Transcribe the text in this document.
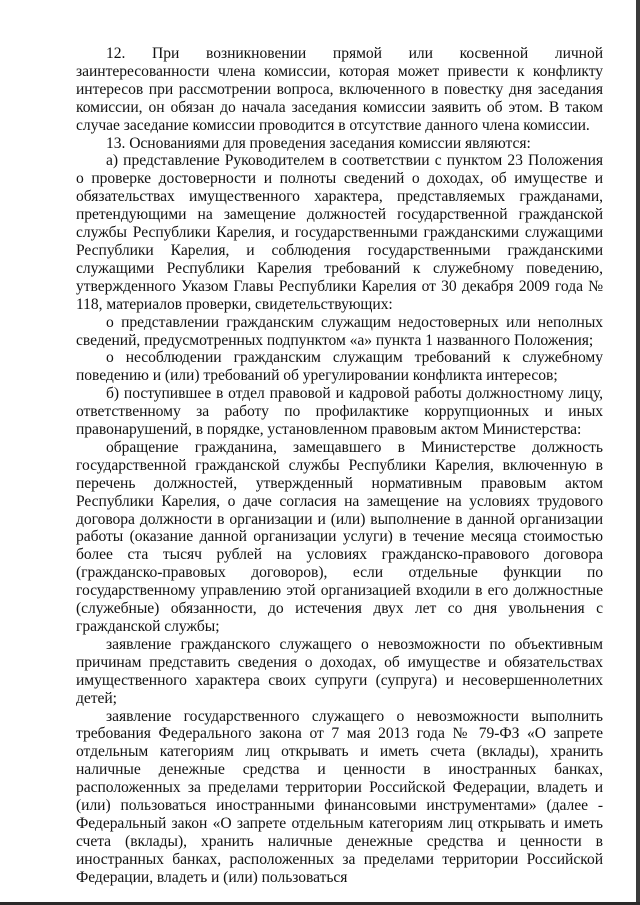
12. При возникновении прямой или косвенной личной заинтересованности члена комиссии, которая может привести к конфликту интересов при рассмотрении вопроса, включенного в повестку дня заседания комиссии, он обязан до начала заседания комиссии заявить об этом. В таком случае заседание комиссии проводится в отсутствие данного члена комиссии.

13. Основаниями для проведения заседания комиссии являются:

а) представление Руководителем в соответствии с пунктом 23 Положения о проверке достоверности и полноты сведений о доходах, об имуществе и обязательствах имущественного характера, представляемых гражданами, претендующими на замещение должностей государственной гражданской службы Республики Карелия, и государственными гражданскими служащими Республики Карелия, и соблюдения государственными гражданскими служащими Республики Карелия требований к служебному поведению, утвержденного Указом Главы Республики Карелия от 30 декабря 2009 года № 118, материалов проверки, свидетельствующих:

о представлении гражданским служащим недостоверных или неполных сведений, предусмотренных подпунктом «а» пункта 1 названного Положения;

о несоблюдении гражданским служащим требований к служебному поведению и (или) требований об урегулировании конфликта интересов;

б) поступившее в отдел правовой и кадровой работы должностному лицу, ответственному за работу по профилактике коррупционных и иных правонарушений, в порядке, установленном правовым актом Министерства:

обращение гражданина, замещавшего в Министерстве должность государственной гражданской службы Республики Карелия, включенную в перечень должностей, утвержденный нормативным правовым актом Республики Карелия, о даче согласия на замещение на условиях трудового договора должности в организации и (или) выполнение в данной организации работы (оказание данной организации услуги) в течение месяца стоимостью более ста тысяч рублей на условиях гражданско-правового договора (гражданско-правовых договоров), если отдельные функции по государственному управлению этой организацией входили в его должностные (служебные) обязанности, до истечения двух лет со дня увольнения с гражданской службы;

заявление гражданского служащего о невозможности по объективным причинам представить сведения о доходах, об имуществе и обязательствах имущественного характера своих супруги (супруга) и несовершеннолетних детей;

заявление государственного служащего о невозможности выполнить требования Федерального закона от 7 мая 2013 года № 79-ФЗ «О запрете отдельным категориям лиц открывать и иметь счета (вклады), хранить наличные денежные средства и ценности в иностранных банках, расположенных за пределами территории Российской Федерации, владеть и (или) пользоваться иностранными финансовыми инструментами» (далее - Федеральный закон «О запрете отдельным категориям лиц открывать и иметь счета (вклады), хранить наличные денежные средства и ценности в иностранных банках, расположенных за пределами территории Российской Федерации, владеть и (или) пользоваться
